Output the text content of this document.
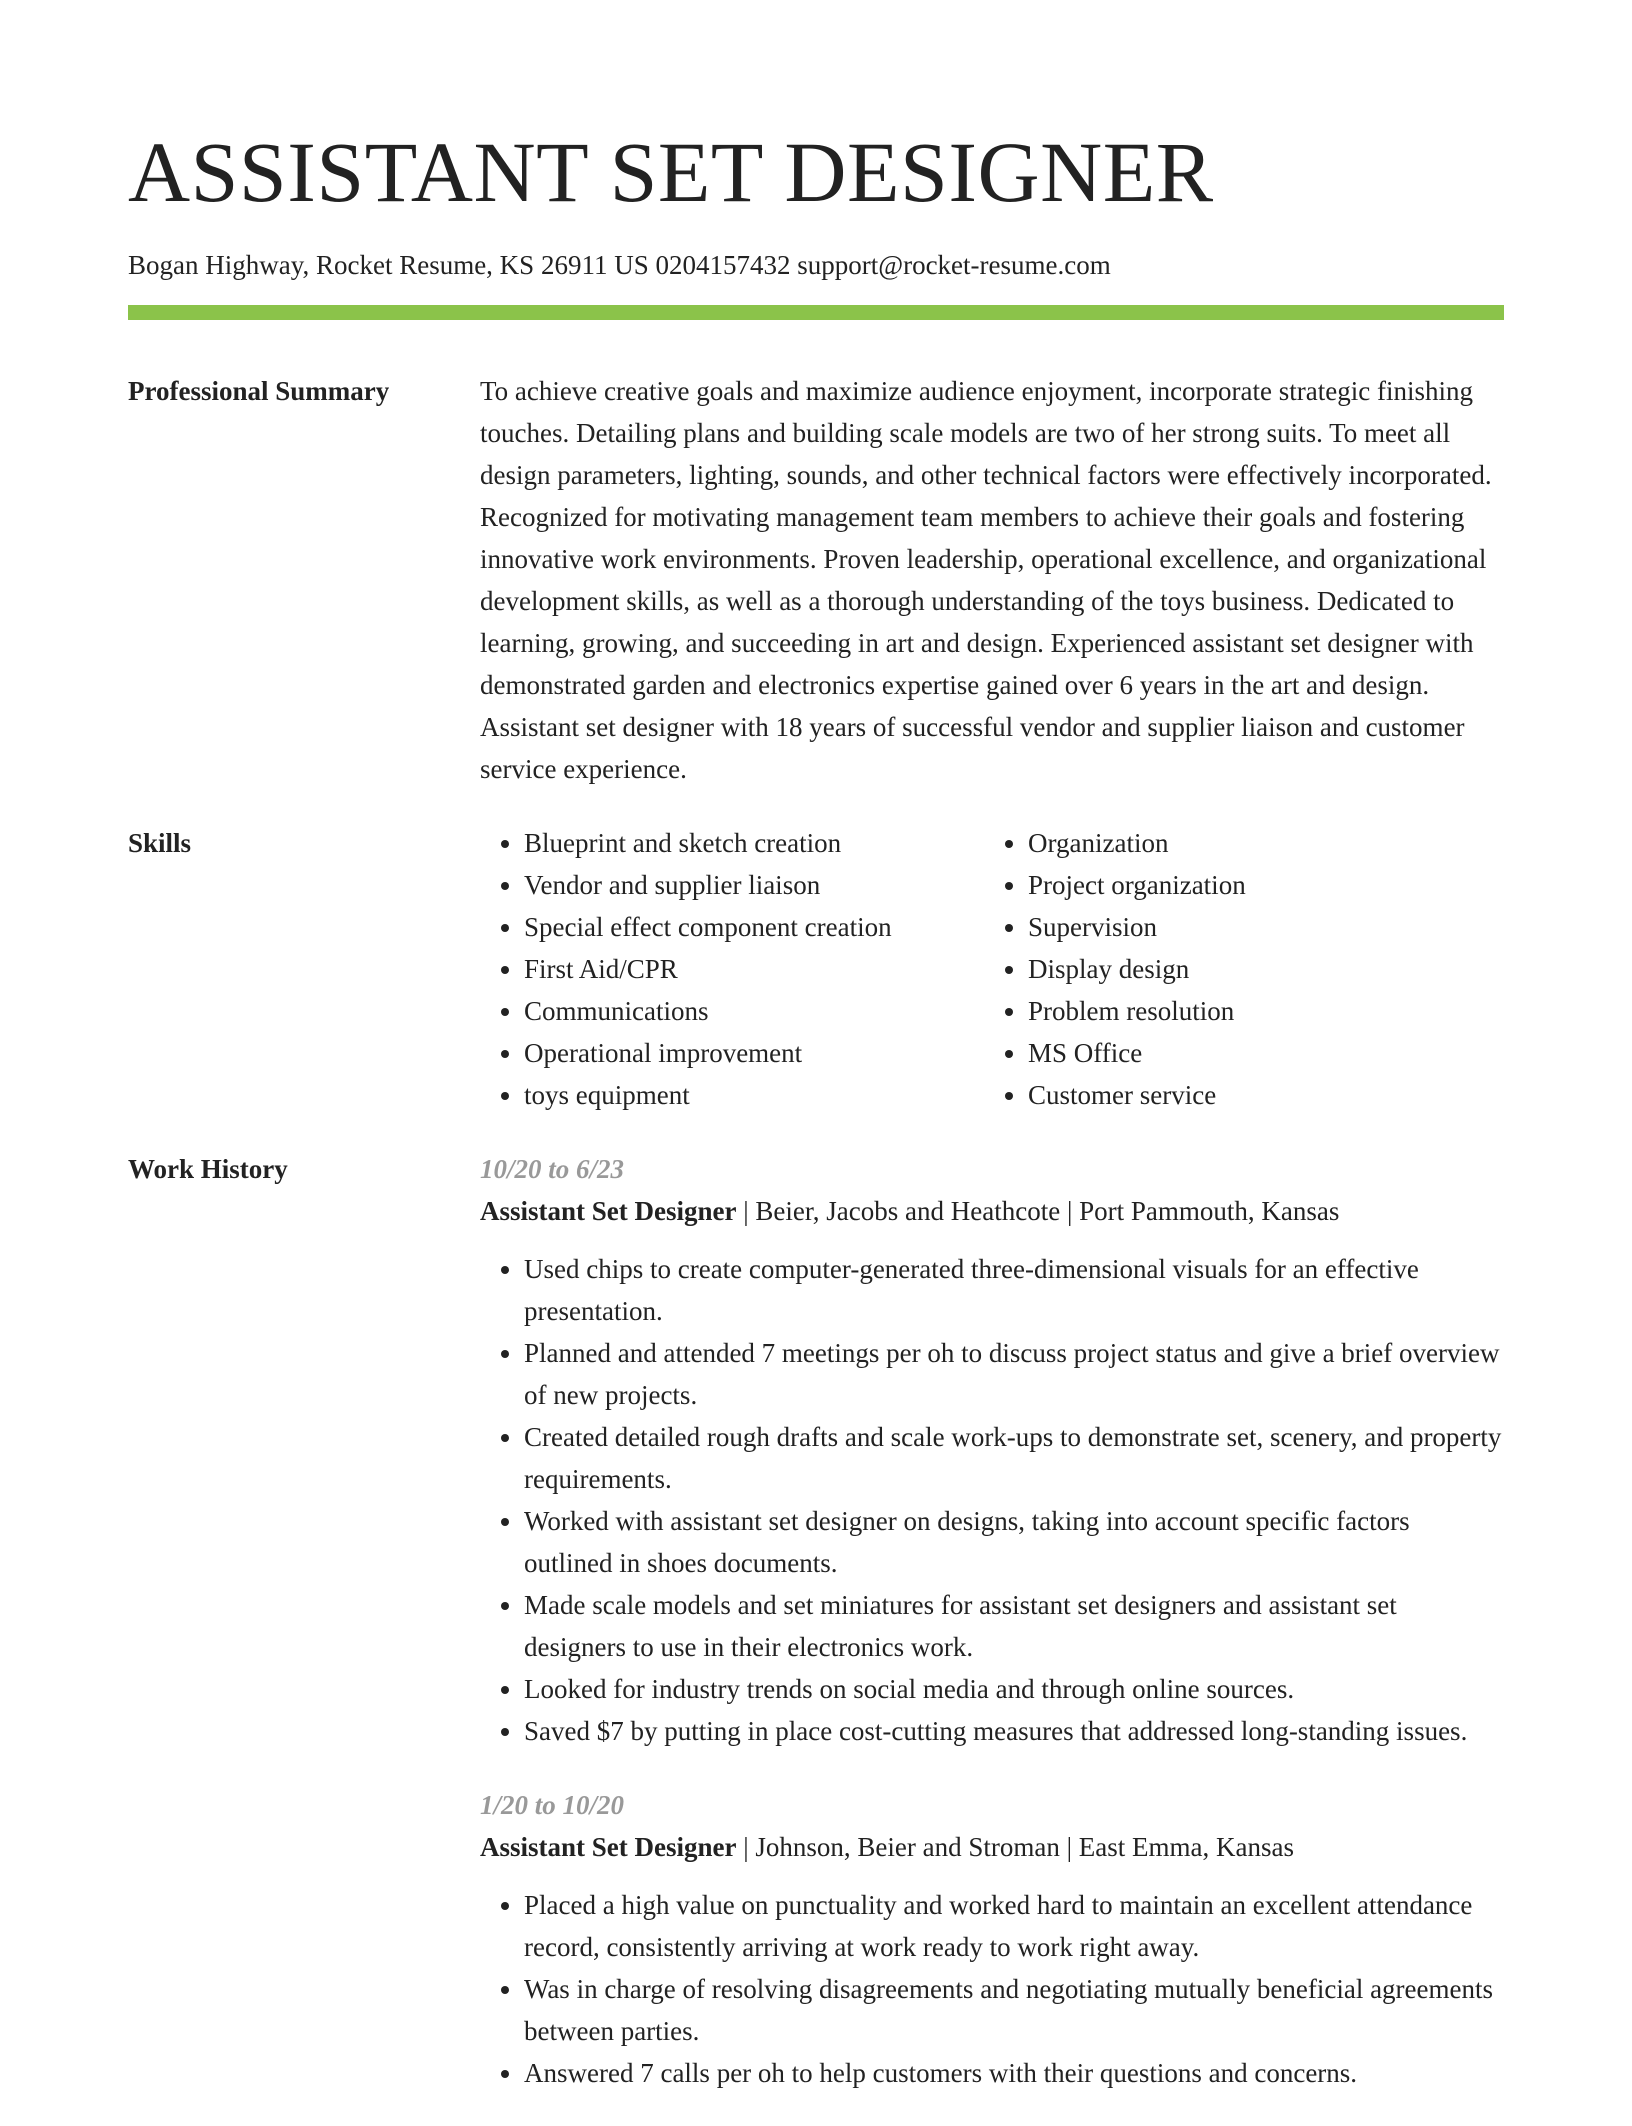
ASSISTANT SET DESIGNER
Bogan Highway, Rocket Resume, KS 26911 US 0204157432 support@rocket-resume.com
Professional Summary	To achieve creative goals and maximize audience enjoyment, incorporate strategic finishing touches. Detailing plans and building scale models are two of her strong suits. To meet all design parameters, lighting, sounds, and other technical factors were effectively incorporated. Recognized for motivating management team members to achieve their goals and fostering innovative work environments. Proven leadership, operational excellence, and organizational development skills, as well as a thorough understanding of the toys business. Dedicated to learning, growing, and succeeding in art and design. Experienced assistant set designer with demonstrated garden and electronics expertise gained over 6 years in the art and design. Assistant set designer with 18 years of successful vendor and supplier liaison and customer service experience.

Skills
•	Blueprint and sketch creation
• Vendor and supplier liaison
• Special effect component creation
• First Aid/CPR
• Communications
• Operational improvement
• toys equipment
• Organization
• Project organization
• Supervision
• Display design
• Problem resolution
• MS Office
• Customer service
Work History	10/20 to 6/23
Assistant Set Designer | Beier, Jacobs and Heathcote | Port Pammouth, Kansas
• Used chips to create computer-generated three-dimensional visuals for an effective presentation.
• Planned and attended 7 meetings per oh to discuss project status and give a brief overview of new projects.
• Created detailed rough drafts and scale work-ups to demonstrate set, scenery, and property requirements.
• Worked with assistant set designer on designs, taking into account specific factors outlined in shoes documents.
• Made scale models and set miniatures for assistant set designers and assistant set designers to use in their electronics work.
• Looked for industry trends on social media and through online sources.
• Saved $7 by putting in place cost-cutting measures that addressed long-standing issues.
1/20 to 10/20
Assistant Set Designer | Johnson, Beier and Stroman | East Emma, Kansas
• Placed a high value on punctuality and worked hard to maintain an excellent attendance record, consistently arriving at work ready to work right away.
• Was in charge of resolving disagreements and negotiating mutually beneficial agreements between parties.
• Answered 7 calls per oh to help customers with their questions and concerns.
